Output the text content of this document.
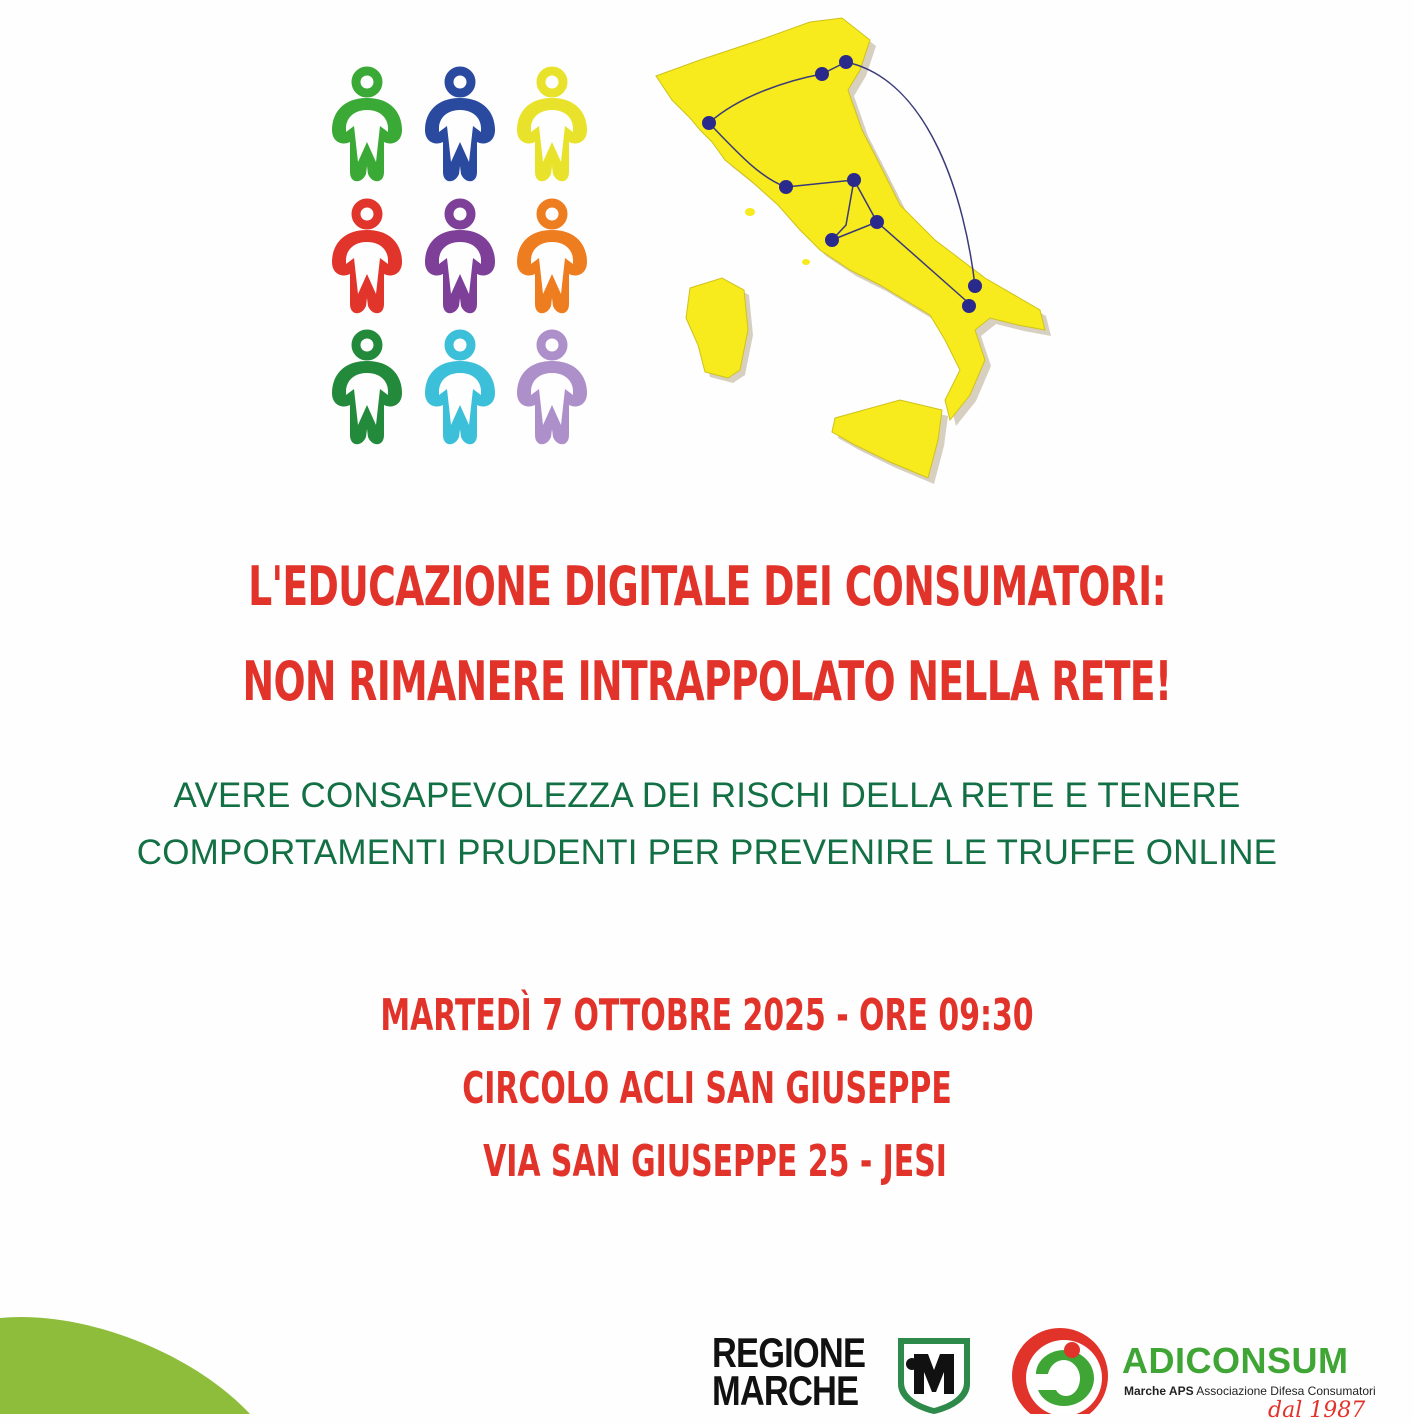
L'EDUCAZIONE DIGITALE DEI CONSUMATORI:
NON RIMANERE INTRAPPOLATO NELLA RETE!
AVERE CONSAPEVOLEZZA DEI RISCHI DELLA RETE E TENERE
COMPORTAMENTI PRUDENTI PER PREVENIRE LE TRUFFE ONLINE
MARTEDÌ 7 OTTOBRE 2025 - ORE 09:30
CIRCOLO ACLI SAN GIUSEPPE
VIA SAN GIUSEPPE 25 - JESI
REGIONE
MARCHE
ADICONSUM
Marche APS Associazione Difesa Consumatori
dal 1987
